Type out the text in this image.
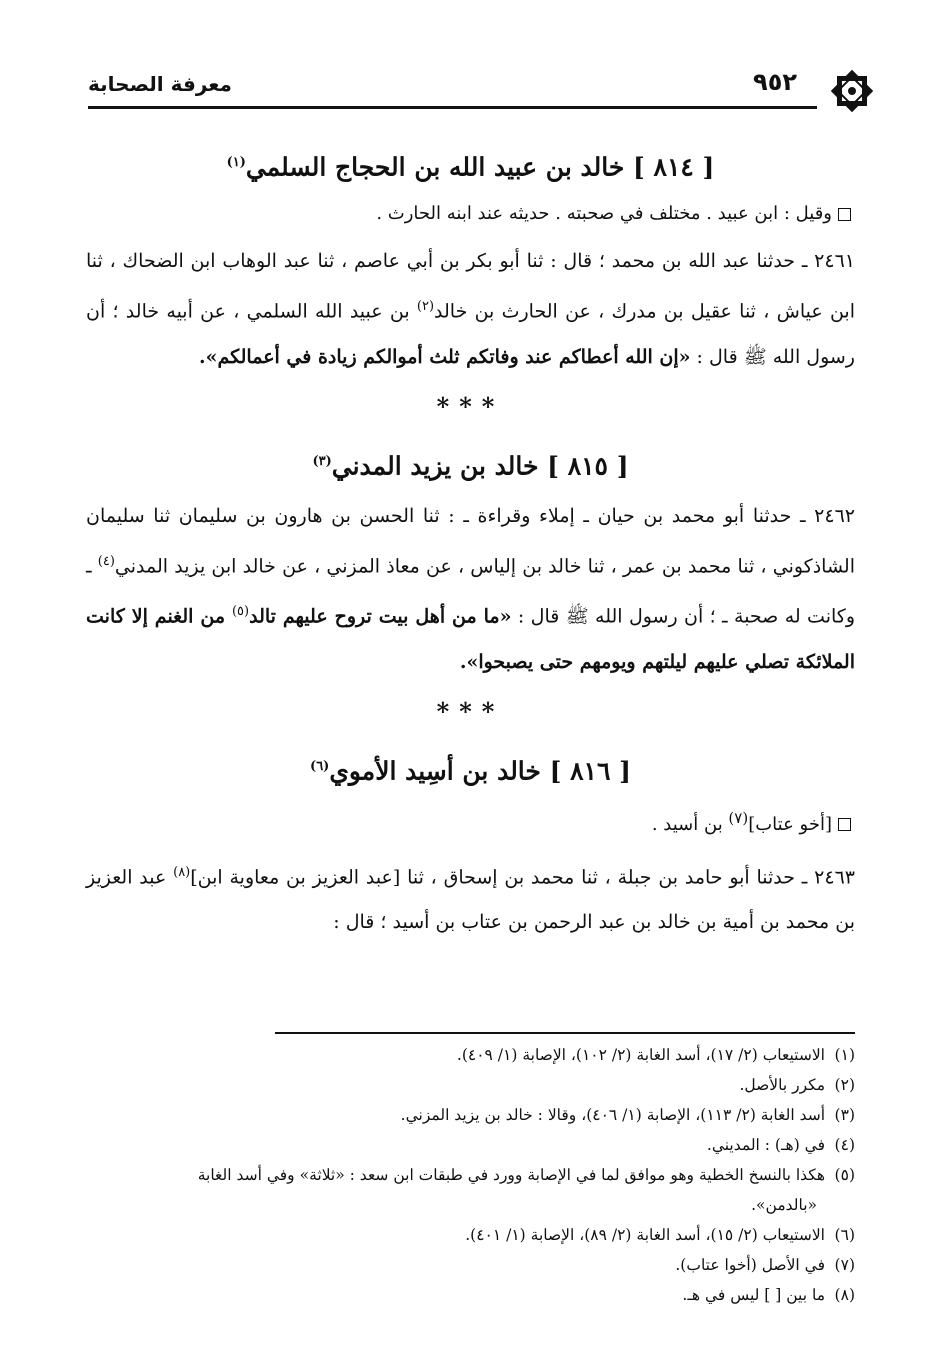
٩٥٢
معرفة الصحابة
[ ٨١٤ ] خالد بن عبيد الله بن الحجاج السلمي$^{(١)}$

وقيل : ابن عبيد . مختلف في صحبته . حديثه عند ابنه الحارث .

٢٤٦١ ـ حدثنا عبد الله بن محمد ؛ قال : ثنا أبو بكر بن أبي عاصم ، ثنا عبد الوهاب ابن الضحاك ، ثنا ابن عياش ، ثنا عقيل بن مدرك ، عن الحارث بن خالد$^{(٢)}$ بن عبيد الله السلمي ، عن أبيه خالد ؛ أن رسول الله ﷺ قال : «إن الله أعطاكم عند وفاتكم ثلث أموالكم زيادة في أعمالكم».

***
[ ٨١٥ ] خالد بن يزيد المدني$^{(٣)}$

٢٤٦٢ ـ حدثنا أبو محمد بن حيان ـ إملاء وقراءة ـ : ثنا الحسن بن هارون بن سليمان ثنا سليمان الشاذكوني ، ثنا محمد بن عمر ، ثنا خالد بن إلياس ، عن معاذ المزني ، عن خالد ابن يزيد المدني$^{(٤)}$ ـ وكانت له صحبة ـ ؛ أن رسول الله ﷺ قال : «ما من أهل بيت تروح عليهم تالد$^{(٥)}$ من الغنم إلا كانت الملائكة تصلي عليهم ليلتهم ويومهم حتى يصبحوا».

***
[ ٨١٦ ] خالد بن أسِيد الأموي$^{(٦)}$

[أخو عتاب]$^{(٧)}$ بن أسيد .

٢٤٦٣ ـ حدثنا أبو حامد بن جبلة ، ثنا محمد بن إسحاق ، ثنا [عبد العزيز بن معاوية ابن]$^{(٨)}$ عبد العزيز بن محمد بن أمية بن خالد بن عبد الرحمن بن عتاب بن أسيد ؛ قال :

(١)الاستيعاب (٢/ ١٧)، أسد الغابة (٢/ ١٠٢)، الإصابة (١/ ٤٠٩).

(٢)مكرر بالأصل.

(٣)أسد الغابة (٢/ ١١٣)، الإصابة (١/ ٤٠٦)، وقالا : خالد بن يزيد المزني.

(٤)في (هـ) : المديني.

(٥)هكذا بالنسخ الخطية وهو موافق لما في الإصابة وورد في طبقات ابن سعد : «ثلاثة» وفي أسد الغابة
«بالدمن».

(٦)الاستيعاب (٢/ ١٥)، أسد الغابة (٢/ ٨٩)، الإصابة (١/ ٤٠١).

(٧)في الأصل (أخوا عتاب).

(٨)ما بين [ ] ليس في هـ.
